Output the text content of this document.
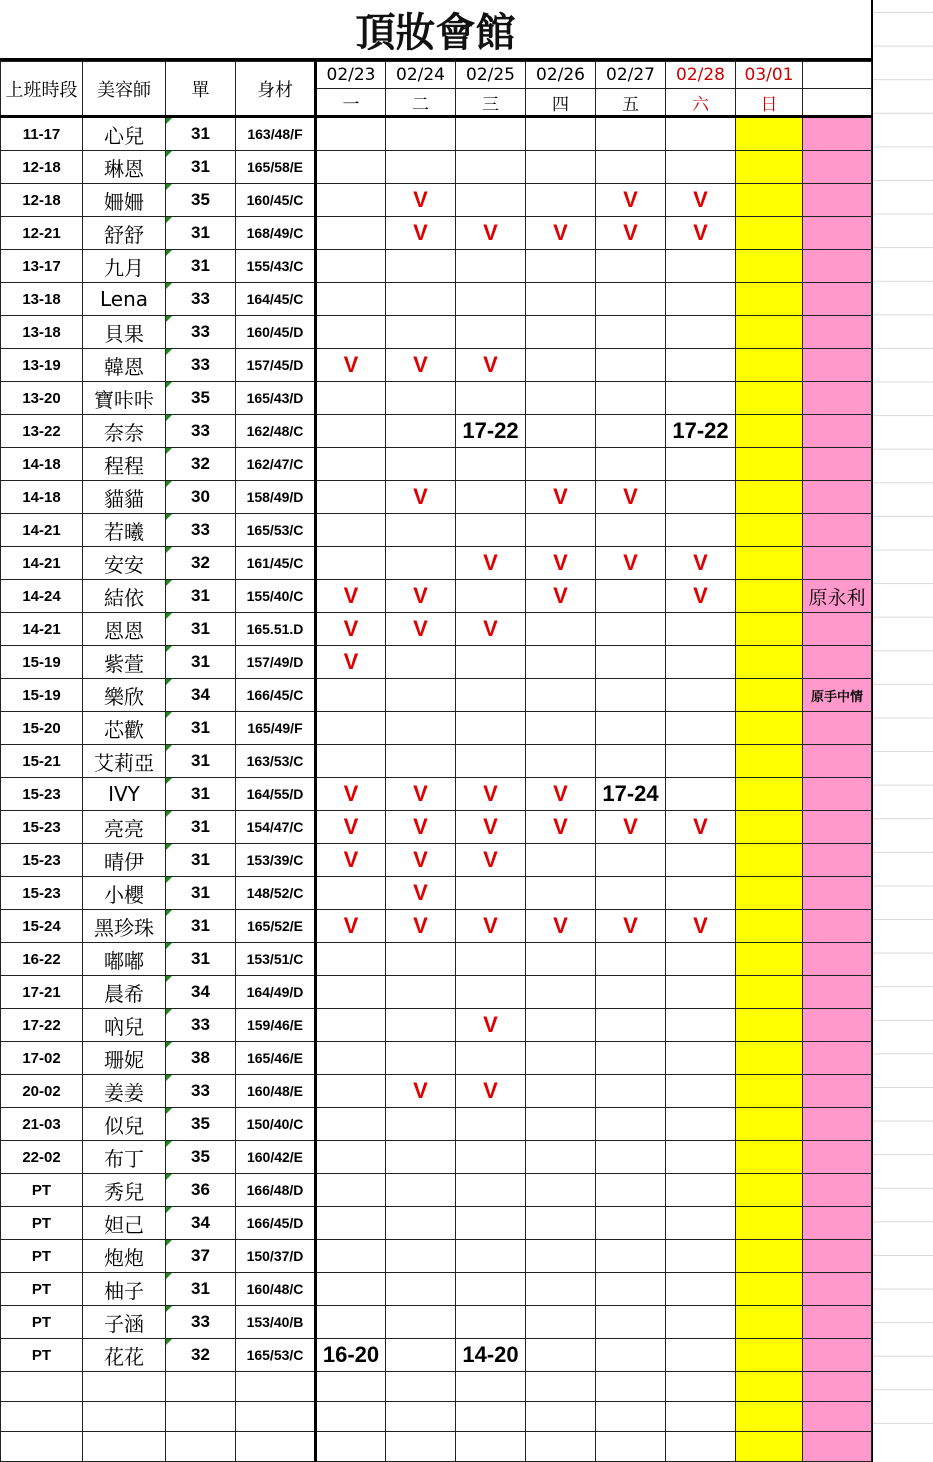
頂妝會館
上班時段	美容師	單	身材	02/23	02/24	02/25	02/26	02/27	02/28	03/01	
				一	二	三	四	五	六	日	
11-17	心兒	31	163/48/F								
12-18	琳恩	31	165/58/E								
12-18	姍姍	35	160/45/C		V			V	V		
12-21	舒舒	31	168/49/C		V	V	V	V	V		
13-17	九月	31	155/43/C								
13-18	Lena	33	164/45/C								
13-18	貝果	33	160/45/D								
13-19	韓恩	33	157/45/D	V	V	V					
13-20	寶咔咔	35	165/43/D								
13-22	奈奈	33	162/48/C			17-22			17-22		
14-18	程程	32	162/47/C								
14-18	貓貓	30	158/49/D		V		V	V			
14-21	若曦	33	165/53/C								
14-21	安安	32	161/45/C			V	V	V	V		
14-24	結依	31	155/40/C	V	V		V		V		原永利
14-21	恩恩	31	165.51.D	V	V	V					
15-19	紫萱	31	157/49/D	V							
15-19	樂欣	34	166/45/C								原手中情
15-20	芯歡	31	165/49/F								
15-21	艾莉亞	31	163/53/C								
15-23	IVY	31	164/55/D	V	V	V	V	17-24			
15-23	亮亮	31	154/47/C	V	V	V	V	V	V		
15-23	晴伊	31	153/39/C	V	V	V					
15-23	小櫻	31	148/52/C		V						
15-24	黑珍珠	31	165/52/E	V	V	V	V	V	V		
16-22	嘟嘟	31	153/51/C								
17-21	晨希	34	164/49/D								
17-22	吶兒	33	159/46/E			V					
17-02	珊妮	38	165/46/E								
20-02	姜姜	33	160/48/E		V	V					
21-03	似兒	35	150/40/C								
22-02	布丁	35	160/42/E								
PT	秀兒	36	166/48/D								
PT	妲己	34	166/45/D								
PT	炮炮	37	150/37/D								
PT	柚子	31	160/48/C								
PT	子涵	33	153/40/B								
PT	花花	32	165/53/C	16-20		14-20					
